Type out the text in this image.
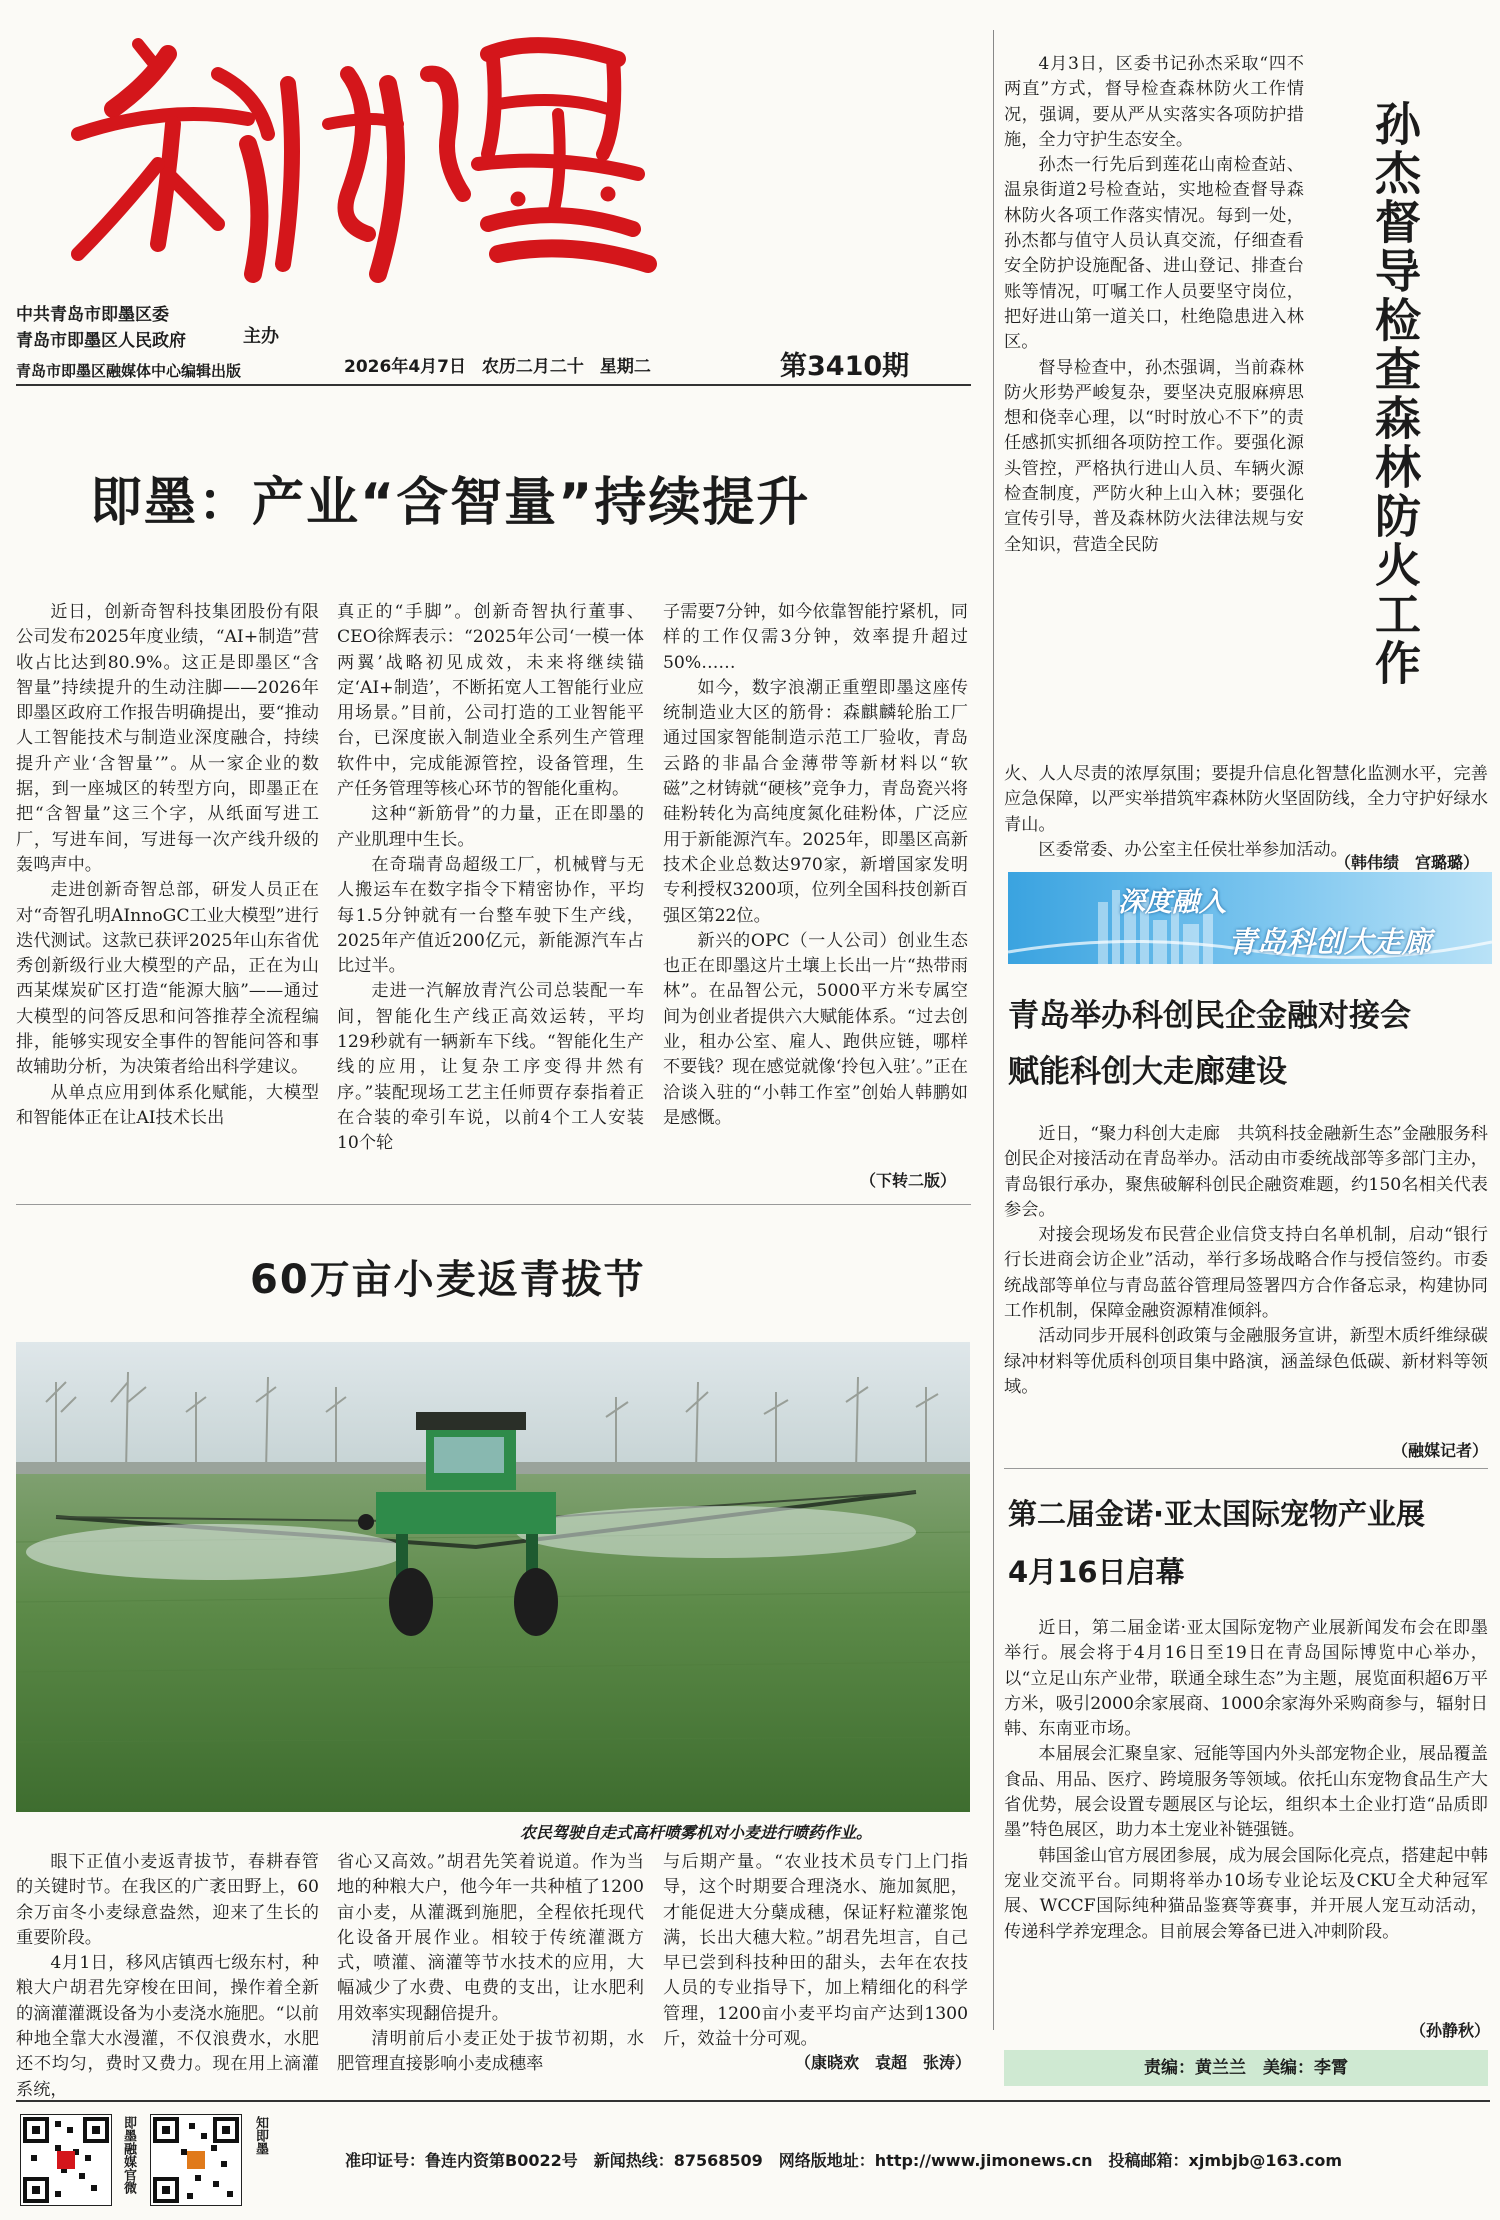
中共青岛市即墨区委
青岛市即墨区人民政府
青岛市即墨区融媒体中心编辑出版
主办
2026年4月7日 农历二月二十 星期二	第3410期
即墨：产业“含智量”持续提升

近日，创新奇智科技集团股份有限公司发布2025年度业绩，“AI+制造”营收占比达到80.9%。这正是即墨区“含智量”持续提升的生动注脚——2026年即墨区政府工作报告明确提出，要“推动人工智能技术与制造业深度融合，持续提升产业‘含智量’”。从一家企业的数据，到一座城区的转型方向，即墨正在把“含智量”这三个字，从纸面写进工厂，写进车间，写进每一次产线升级的轰鸣声中。

走进创新奇智总部，研发人员正在对“奇智孔明AInnoGC工业大模型”进行迭代测试。这款已获评2025年山东省优秀创新级行业大模型的产品，正在为山西某煤炭矿区打造“能源大脑”——通过大模型的问答反思和问答推荐全流程编排，能够实现安全事件的智能问答和事故辅助分析，为决策者给出科学建议。

从单点应用到体系化赋能，大模型和智能体正在让AI技术长出

真正的“手脚”。创新奇智执行董事、CEO徐辉表示：“2025年公司‘一模一体两翼’战略初见成效，未来将继续锚定‘AI+制造’，不断拓宽人工智能行业应用场景。”目前，公司打造的工业智能平台，已深度嵌入制造业全系列生产管理软件中，完成能源管控，设备管理，生产任务管理等核心环节的智能化重构。

这种“新筋骨”的力量，正在即墨的产业肌理中生长。

在奇瑞青岛超级工厂，机械臂与无人搬运车在数字指令下精密协作，平均每1.5分钟就有一台整车驶下生产线，2025年产值近200亿元，新能源汽车占比过半。

走进一汽解放青汽公司总装配一车间，智能化生产线正高效运转，平均129秒就有一辆新车下线。“智能化生产线的应用，让复杂工序变得井然有序。”装配现场工艺主任师贾存泰指着正在合装的牵引车说，以前4个工人安装10个轮

子需要7分钟，如今依靠智能拧紧机，同样的工作仅需3分钟，效率提升超过50%……

如今，数字浪潮正重塑即墨这座传统制造业大区的筋骨：森麒麟轮胎工厂通过国家智能制造示范工厂验收，青岛云路的非晶合金薄带等新材料以“软磁”之材铸就“硬核”竞争力，青岛瓷兴将硅粉转化为高纯度氮化硅粉体，广泛应用于新能源汽车。2025年，即墨区高新技术企业总数达970家，新增国家发明专利授权3200项，位列全国科技创新百强区第22位。

新兴的OPC（一人公司）创业生态也正在即墨这片土壤上长出一片“热带雨林”。在品智公元，5000平方米专属空间为创业者提供六大赋能体系。“过去创业，租办公室、雇人、跑供应链，哪样不要钱？现在感觉就像‘拎包入驻’。”正在洽谈入驻的“小韩工作室”创始人韩鹏如是感慨。

（下转二版）

4月3日，区委书记孙杰采取“四不两直”方式，督导检查森林防火工作情况，强调，要从严从实落实各项防护措施，全力守护生态安全。

孙杰一行先后到莲花山南检查站、温泉街道2号检查站，实地检查督导森林防火各项工作落实情况。每到一处，孙杰都与值守人员认真交流，仔细查看安全防护设施配备、进山登记、排查台账等情况，叮嘱工作人员要坚守岗位，把好进山第一道关口，杜绝隐患进入林区。

督导检查中，孙杰强调，当前森林防火形势严峻复杂，要坚决克服麻痹思想和侥幸心理，以“时时放心不下”的责任感抓实抓细各项防控工作。要强化源头管控，严格执行进山人员、车辆火源检查制度，严防火种上山入林；要强化宣传引导，普及森林防火法律法规与安全知识，营造全民防	孙杰督导检查森林防火工作

火、人人尽责的浓厚氛围；要提升信息化智慧化监测水平，完善应急保障，以严实举措筑牢森林防火坚固防线，全力守护好绿水青山。

区委常委、办公室主任侯壮举参加活动。

（韩伟绩　宫璐璐）
深度融入
青岛科创大走廊
青岛举办科创民企金融对接会
赋能科创大走廊建设

近日，“聚力科创大走廊　共筑科技金融新生态”金融服务科创民企对接活动在青岛举办。活动由市委统战部等多部门主办，青岛银行承办，聚焦破解科创民企融资难题，约150名相关代表参会。

对接会现场发布民营企业信贷支持白名单机制，启动“银行行长进商会访企业”活动，举行多场战略合作与授信签约。市委统战部等单位与青岛蓝谷管理局签署四方合作备忘录，构建协同工作机制，保障金融资源精准倾斜。

活动同步开展科创政策与金融服务宣讲，新型木质纤维绿碳绿冲材料等优质科创项目集中路演，涵盖绿色低碳、新材料等领域。

（融媒记者）
第二届金诺·亚太国际宠物产业展
4月16日启幕

近日，第二届金诺·亚太国际宠物产业展新闻发布会在即墨举行。展会将于4月16日至19日在青岛国际博览中心举办，以“立足山东产业带，联通全球生态”为主题，展览面积超6万平方米，吸引2000余家展商、1000余家海外采购商参与，辐射日韩、东南亚市场。

本届展会汇聚皇家、冠能等国内外头部宠物企业，展品覆盖食品、用品、医疗、跨境服务等领域。依托山东宠物食品生产大省优势，展会设置专题展区与论坛，组织本土企业打造“品质即墨”特色展区，助力本土宠业补链强链。

韩国釜山官方展团参展，成为展会国际化亮点，搭建起中韩宠业交流平台。同期将举办10场专业论坛及CKU全犬种冠军展、WCCF国际纯种猫品鉴赛等赛事，并开展人宠互动活动，传递科学养宠理念。目前展会筹备已进入冲刺阶段。

（孙静秋）
责编：黄兰兰　美编：李霄
60万亩小麦返青拔节
农民驾驶自走式高杆喷雾机对小麦进行喷药作业。

眼下正值小麦返青拔节，春耕春管的关键时节。在我区的广袤田野上，60余万亩冬小麦绿意盎然，迎来了生长的重要阶段。

4月1日，移风店镇西七级东村，种粮大户胡君先穿梭在田间，操作着全新的滴灌灌溉设备为小麦浇水施肥。“以前种地全靠大水漫灌，不仅浪费水，水肥还不均匀，费时又费力。现在用上滴灌系统，

省心又高效。”胡君先笑着说道。作为当地的种粮大户，他今年一共种植了1200亩小麦，从灌溉到施肥，全程依托现代化设备开展作业。相较于传统灌溉方式，喷灌、滴灌等节水技术的应用，大幅减少了水费、电费的支出，让水肥利用效率实现翻倍提升。

清明前后小麦正处于拔节初期，水肥管理直接影响小麦成穗率

与后期产量。“农业技术员专门上门指导，这个时期要合理浇水、施加氮肥，才能促进大分蘖成穗，保证籽粒灌浆饱满，长出大穗大粒。”胡君先坦言，自己早已尝到科技种田的甜头，去年在农技人员的专业指导下，加上精细化的科学管理，1200亩小麦平均亩产达到1300斤，效益十分可观。

（康晓欢　袁超　张涛）
即墨融媒官微	知即墨
准印证号：鲁连内资第B0022号　新闻热线：87568509　网络版地址：http://www.jimonews.cn　投稿邮箱：xjmbjb@163.com
